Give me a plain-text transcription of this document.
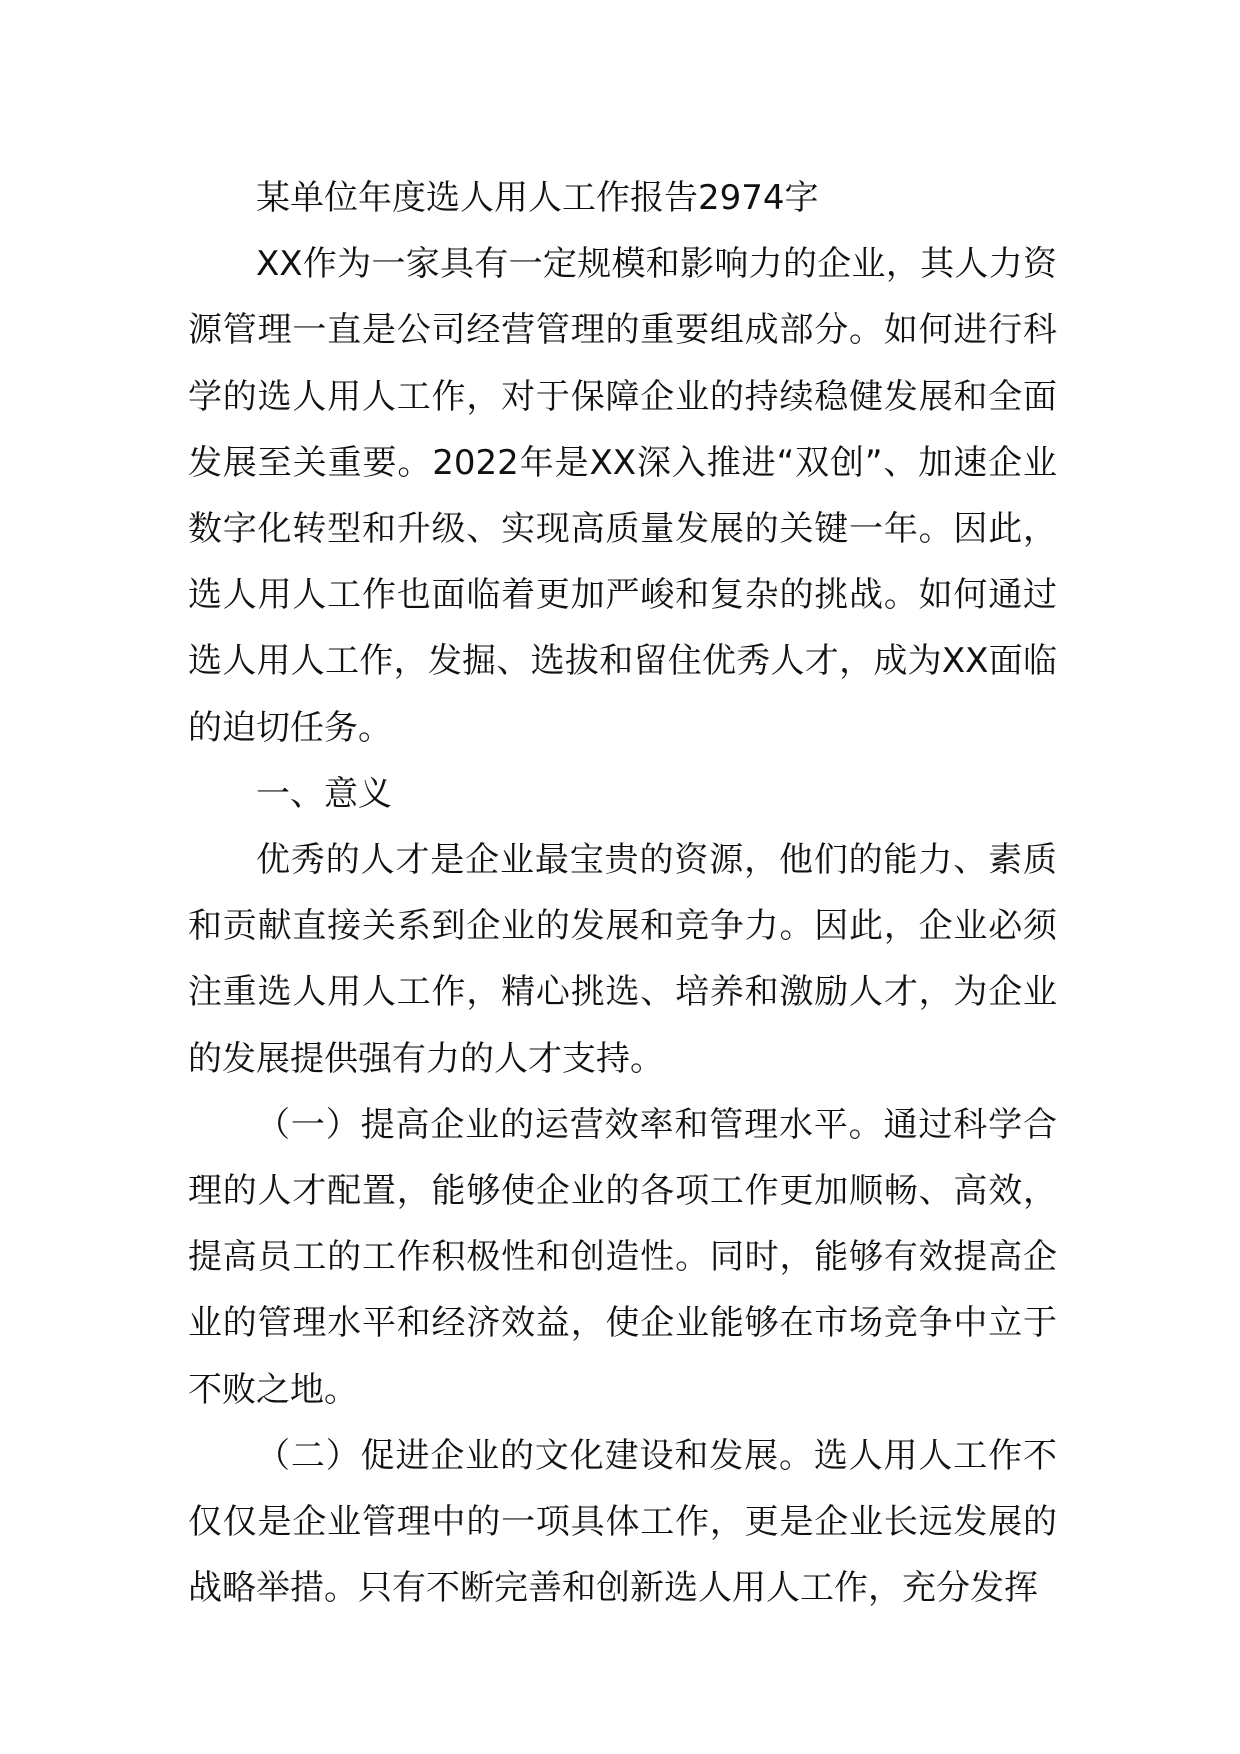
某单位年度选人用人工作报告2974字

XX作为一家具有一定规模和影响力的企业，其人力资源管理一直是公司经营管理的重要组成部分。如何进行科学的选人用人工作，对于保障企业的持续稳健发展和全面发展至关重要。2022年是XX深入推进“双创”、加速企业数字化转型和升级、实现高质量发展的关键一年。因此，选人用人工作也面临着更加严峻和复杂的挑战。如何通过选人用人工作，发掘、选拔和留住优秀人才，成为XX面临的迫切任务。

一、意义

优秀的人才是企业最宝贵的资源，他们的能力、素质和贡献直接关系到企业的发展和竞争力。因此，企业必须注重选人用人工作，精心挑选、培养和激励人才，为企业的发展提供强有力的人才支持。

（一）提高企业的运营效率和管理水平。通过科学合理的人才配置，能够使企业的各项工作更加顺畅、高效，提高员工的工作积极性和创造性。同时，能够有效提高企业的管理水平和经济效益，使企业能够在市场竞争中立于不败之地。

（二）促进企业的文化建设和发展。选人用人工作不仅仅是企业管理中的一项具体工作，更是企业长远发展的战略举措。只有不断完善和创新选人用人工作，充分发挥
